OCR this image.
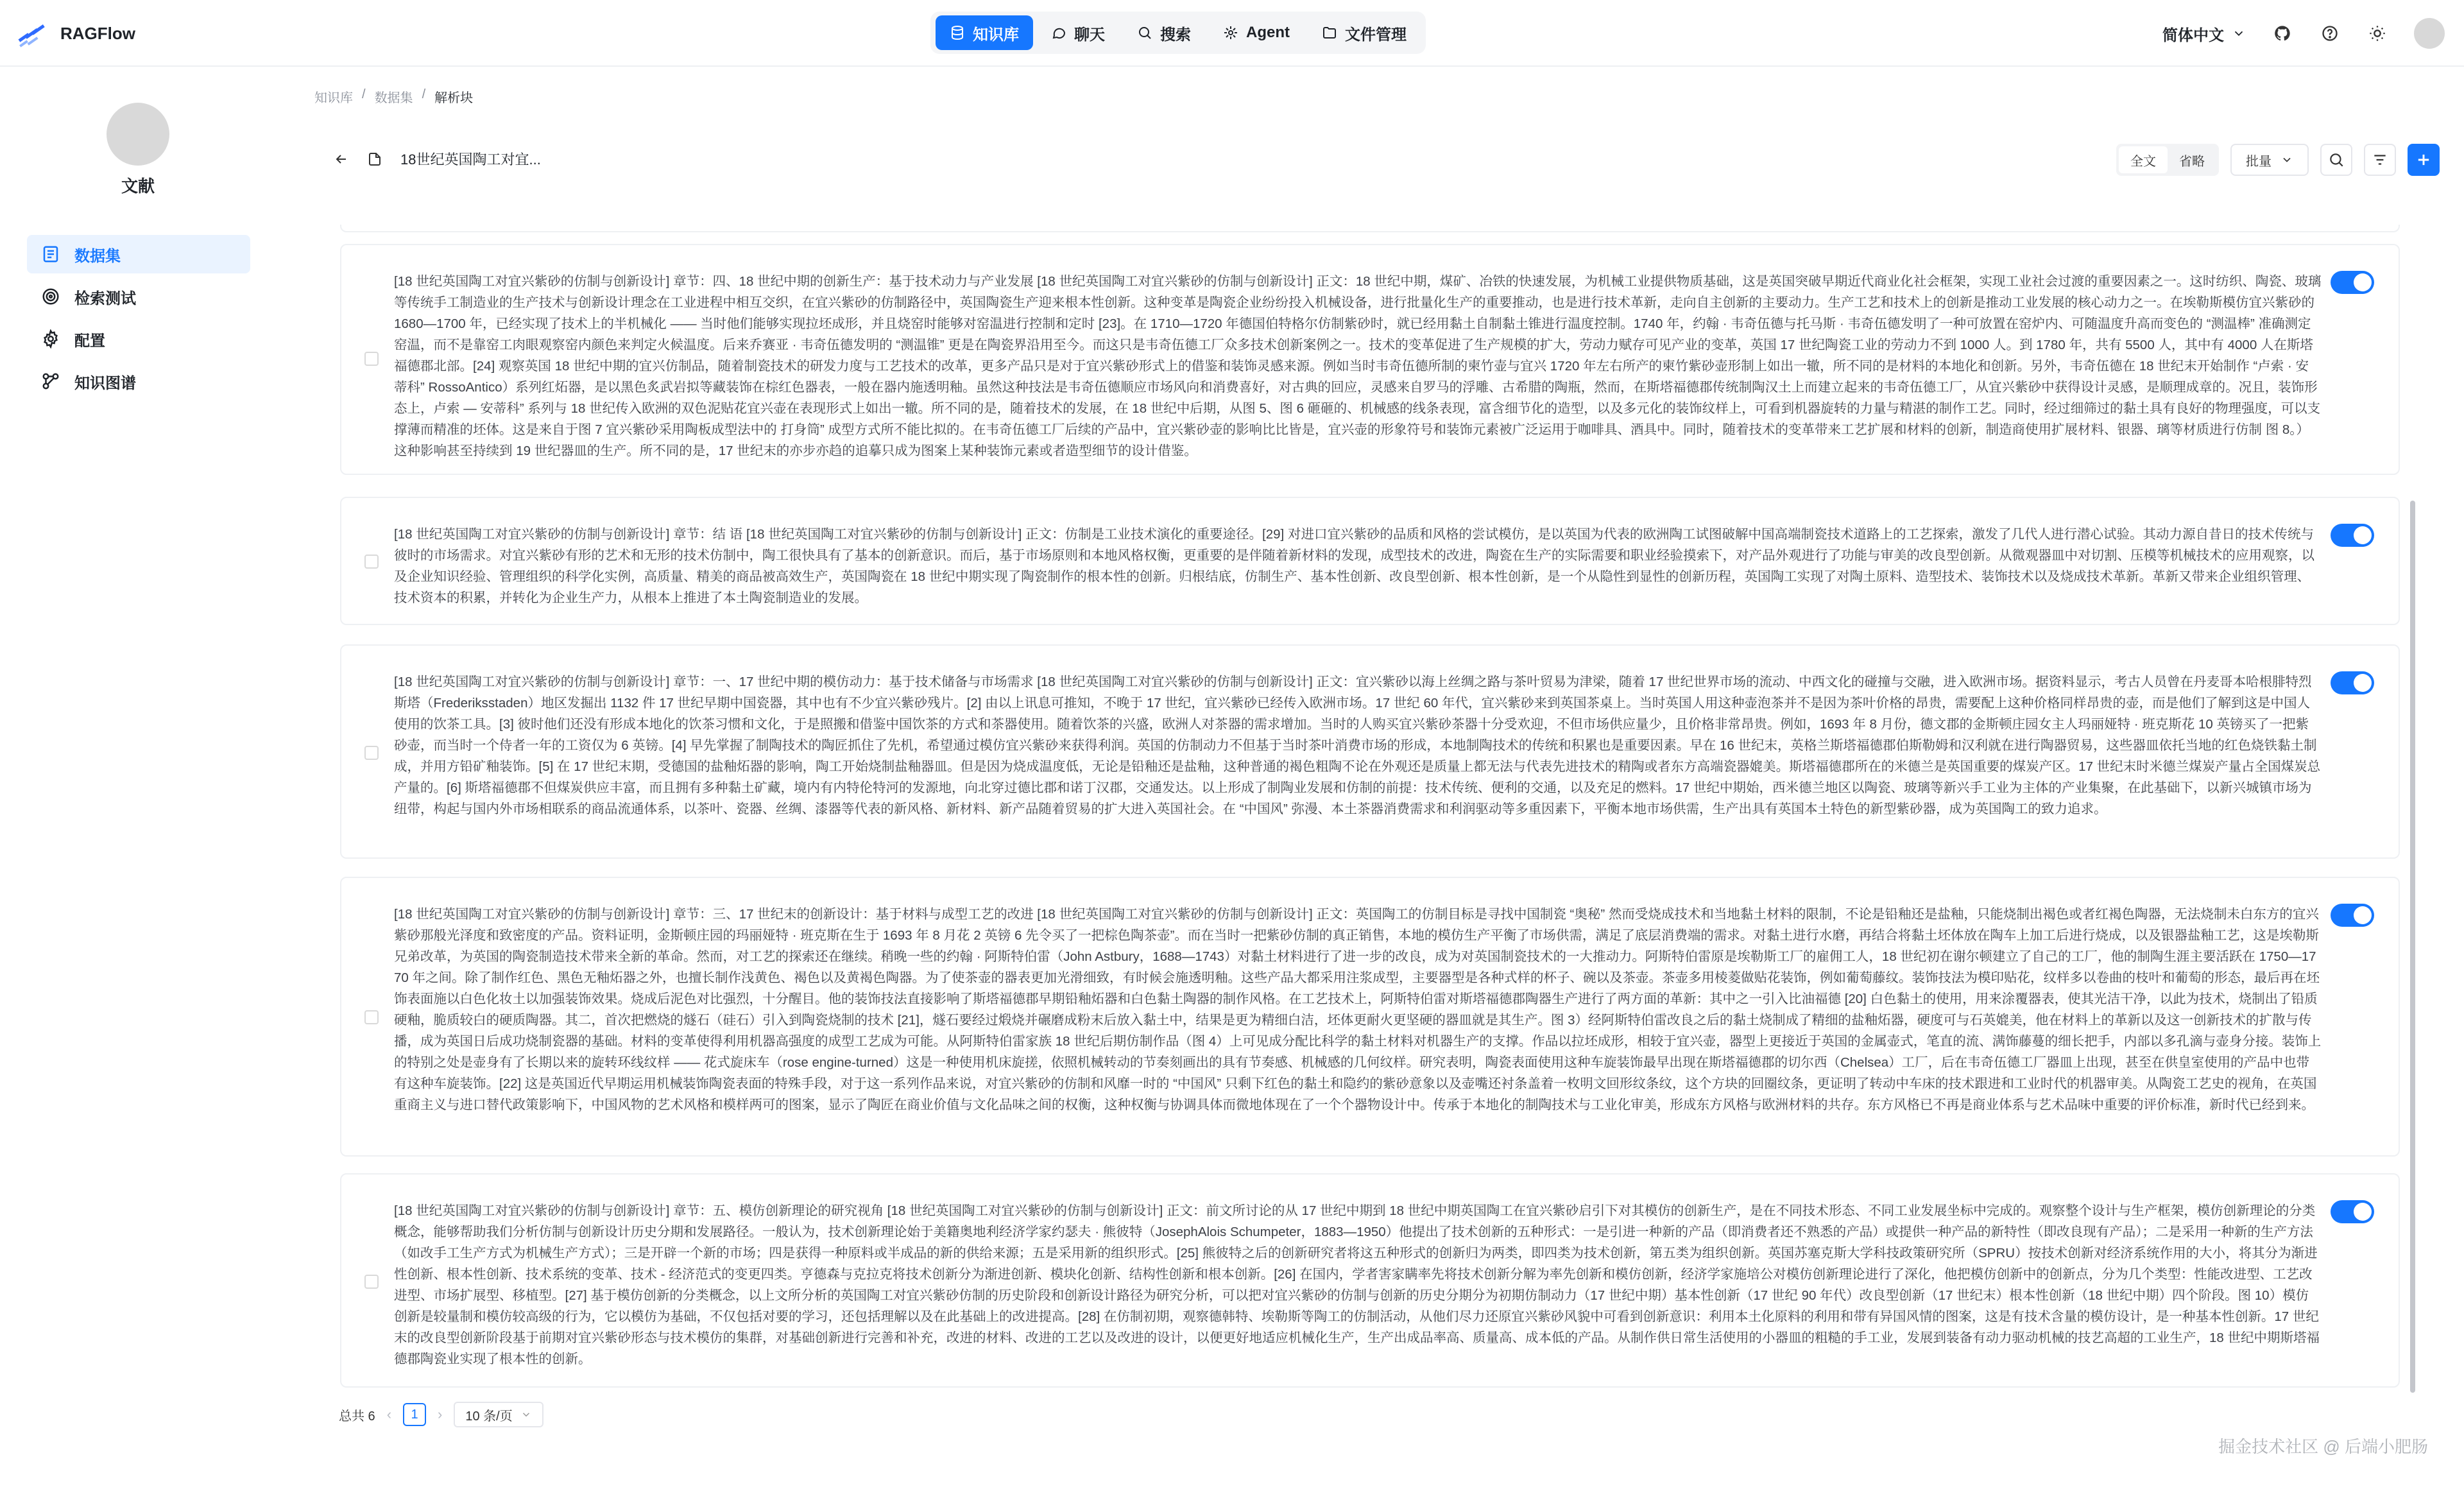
RAGFlow	知识库	聊天	搜索	Agent	文件管理	简体中文
文献
数据集
检索测试
配置
知识图谱
知识库 / 数据集 / 解析块
18世纪英国陶工对宜...	全文	省略	批量
[18 世纪英国陶工对宜兴紫砂的仿制与创新设计] 章节：四、18 世纪中期的创新生产：基于技术动力与产业发展 [18 世纪英国陶工对宜兴紫砂的仿制与创新设计] 正文：18 世纪中期，煤矿、冶铁的快速发展，为机械工业提供物质基础，这是英国突破早期近代商业化社会框架，实现工业社会过渡的重要因素之一。这时纺织、陶瓷、玻璃等传统手工制造业的生产技术与创新设计理念在工业进程中相互交织，在宜兴紫砂的仿制路径中，英国陶瓷生产迎来根本性创新。这种变革是陶瓷企业纷纷投入机械设备，进行批量化生产的重要推动，也是进行技术革新，走向自主创新的主要动力。生产工艺和技术上的创新是推动工业发展的核心动力之一。在埃勒斯模仿宜兴紫砂的 1680—1700 年，已经实现了技术上的半机械化 —— 当时他们能够实现拉坯成形，并且烧窑时能够对窑温进行控制和定时 [23]。在 1710—1720 年德国伯特格尔仿制紫砂时，就已经用黏土自制黏土锥进行温度控制。1740 年，约翰 · 韦奇伍德与托马斯 · 韦奇伍德发明了一种可放置在窑炉内、可随温度升高而变色的 “测温棒” 准确测定窑温，而不是靠窑工肉眼观察窑内颜色来判定火候温度。后来乔赛亚 · 韦奇伍德发明的 “测温锥” 更是在陶瓷界沿用至今。而这只是韦奇伍德工厂众多技术创新案例之一。技术的变革促进了生产规模的扩大，劳动力赋存可见产业的变革，英国 17 世纪陶瓷工业的劳动力不到 1000 人。到 1780 年，共有 5500 人，其中有 4000 人在斯塔福德郡北部。[24] 观察英国 18 世纪中期的宜兴仿制品，随着制瓷技术的研发力度与工艺技术的改革，更多产品只是对于宜兴紫砂形式上的借鉴和装饰灵感来源。例如当时韦奇伍德所制的柬竹壶与宜兴 1720 年左右所产的柬竹紫砂壶形制上如出一辙，所不同的是材料的本地化和创新。另外，韦奇伍德在 18 世纪末开始制作 “卢索 · 安蒂科” RossoAntico）系列红炻器，是以黑色炙武岩拟等藏装饰在棕红色器表，一般在器内施透明釉。虽然这种技法是韦奇伍德顺应市场风向和消费喜好，对古典的回应，灵感来自罗马的浮雕、古希腊的陶瓶，然而，在斯塔福德郡传统制陶汉土上而建立起来的韦奇伍德工厂，从宜兴紫砂中获得设计灵感，是顺理成章的。况且，装饰形态上，卢索 — 安蒂科” 系列与 18 世纪传入欧洲的双色泥贴花宜兴壶在表现形式上如出一辙。所不同的是，随着技术的发展，在 18 世纪中后期，从图 5、图 6 砸砸的、机械感的线条表现，富含细节化的造型，以及多元化的装饰纹样上，可看到机器旋转的力量与精湛的制作工艺。同时，经过细筛过的黏土具有良好的物理强度，可以支撑薄而精准的坯体。这是来自于图 7 宜兴紫砂采用陶板成型法中的 打身筒” 成型方式所不能比拟的。在韦奇伍德工厂后续的产品中，宜兴紫砂壶的影响比比皆是，宜兴壶的形象符号和装饰元素被广泛运用于咖啡具、酒具中。同时，随着技术的变革带来工艺扩展和材料的创新，制造商使用扩展材料、银器、璃等材质进行仿制 图 8。）这种影响甚至持续到 19 世纪器皿的生产。所不同的是，17 世纪末的亦步亦趋的追摹只成为图案上某种装饰元素或者造型细节的设计借鉴。
[18 世纪英国陶工对宜兴紫砂的仿制与创新设计] 章节：结 语 [18 世纪英国陶工对宜兴紫砂的仿制与创新设计] 正文：仿制是工业技术演化的重要途径。[29] 对进口宜兴紫砂的品质和风格的尝试模仿，是以英国为代表的欧洲陶工试图破解中国高端制瓷技术道路上的工艺探索，激发了几代人进行潜心试验。其动力源自昔日的技术传统与彼时的市场需求。对宜兴紫砂有形的艺术和无形的技术仿制中，陶工很快具有了基本的创新意识。而后，基于市场原则和本地风格权衡，更重要的是伴随着新材料的发现，成型技术的改进，陶瓷在生产的实际需要和职业经验摸索下，对产品外观进行了功能与审美的改良型创新。从微观器皿中对切割、压模等机械技术的应用观察，以及企业知识经验、管理组织的科学化实例，高质量、精美的商品被高效生产，英国陶瓷在 18 世纪中期实现了陶瓷制作的根本性的创新。归根结底，仿制生产、基本性创新、改良型创新、根本性创新，是一个从隐性到显性的创新历程，英国陶工实现了对陶土原料、造型技术、装饰技术以及烧成技术革新。革新又带来企业组织管理、技术资本的积累，并转化为企业生产力，从根本上推进了本土陶瓷制造业的发展。
[18 世纪英国陶工对宜兴紫砂的仿制与创新设计] 章节：一、17 世纪中期的模仿动力：基于技术储备与市场需求 [18 世纪英国陶工对宜兴紫砂的仿制与创新设计] 正文：宜兴紫砂以海上丝绸之路与茶叶贸易为津梁，随着 17 世纪世界市场的流动、中西文化的碰撞与交融，进入欧洲市场。据资料显示，考古人员曾在丹麦哥本哈根腓特烈斯塔（Frederiksstaden）地区发掘出 1132 件 17 世纪早期中国瓷器，其中也有不少宜兴紫砂残片。[2] 由以上讯息可推知，不晚于 17 世纪，宜兴紫砂已经传入欧洲市场。17 世纪 60 年代，宜兴紫砂来到英国茶桌上。当时英国人用这种壶泡茶并不是因为茶叶价格的昂贵，需要配上这种价格同样昂贵的壶，而是他们了解到这是中国人使用的饮茶工具。[3] 彼时他们还没有形成本地化的饮茶习惯和文化，于是照搬和借鉴中国饮茶的方式和茶器使用。随着饮茶的兴盛，欧洲人对茶器的需求增加。当时的人购买宜兴紫砂茶器十分受欢迎，不但市场供应量少，且价格非常昂贵。例如，1693 年 8 月份，德文郡的金斯顿庄园女主人玛丽娅特 · 班克斯花 10 英镑买了一把紫砂壶，而当时一个侍者一年的工资仅为 6 英镑。[4] 早先掌握了制陶技术的陶匠抓住了先机，希望通过模仿宜兴紫砂来获得利润。英国的仿制动力不但基于当时茶叶消费市场的形成，本地制陶技术的传统和积累也是重要因素。早在 16 世纪末，英格兰斯塔福德郡伯斯勒姆和汉利就在进行陶器贸易，这些器皿依托当地的红色烧铁黏土制成，并用方铅矿釉装饰。[5] 在 17 世纪末期，受德国的盐釉炻器的影响，陶工开始烧制盐釉器皿。但是因为烧成温度低，无论是铅釉还是盐釉，这种普通的褐色粗陶不论在外观还是质量上都无法与代表先进技术的精陶或者东方高端瓷器媲美。斯塔福德郡所在的米德兰是英国重要的煤炭产区。17 世纪末时米德兰煤炭产量占全国煤炭总产量的。[6] 斯塔福德郡不但煤炭供应丰富，而且拥有多种黏土矿藏，境内有内特伦特河的发源地，向北穿过德比郡和诺丁汉郡，交通发达。以上形成了制陶业发展和仿制的前提：技术传统、便利的交通，以及充足的燃料。17 世纪中期始，西米德兰地区以陶瓷、玻璃等新兴手工业为主体的产业集聚，在此基础下，以新兴城镇市场为纽带，构起与国内外市场相联系的商品流通体系，以茶叶、瓷器、丝绸、漆器等代表的新风格、新材料、新产品随着贸易的扩大进入英国社会。在 “中国风” 弥漫、本土茶器消费需求和利润驱动等多重因素下，平衡本地市场供需，生产出具有英国本土特色的新型紫砂器，成为英国陶工的致力追求。
[18 世纪英国陶工对宜兴紫砂的仿制与创新设计] 章节：三、17 世纪末的创新设计：基于材料与成型工艺的改进 [18 世纪英国陶工对宜兴紫砂的仿制与创新设计] 正文：英国陶工的仿制目标是寻找中国制瓷 “奥秘” 然而受烧成技术和当地黏土材料的限制，不论是铅釉还是盐釉，只能烧制出褐色或者红褐色陶器，无法烧制未白东方的宜兴紫砂那般光泽度和致密度的产品。资料证明，金斯顿庄园的玛丽娅特 · 班克斯在生于 1693 年 8 月花 2 英镑 6 先令买了一把棕色陶茶壶”。而在当时一把紫砂仿制的真正销售，本地的模仿生产平衡了市场供需，满足了底层消费端的需求。对黏土进行水磨，再结合将黏土坯体放在陶车上加工后进行烧成，以及银器盐釉工艺，这是埃勒斯兄弟改革，为英国的陶瓷制造技术带来全新的革命。然而，对工艺的探索还在继续。稍晚一些的约翰 · 阿斯特伯雷（John Astbury，1688—1743）对黏土材料进行了进一步的改良，成为对英国制瓷技术的一大推动力。阿斯特伯雷原是埃勒斯工厂的雇佣工人，18 世纪初在谢尔顿建立了自己的工厂，他的制陶生涯主要活跃在 1750—1770 年之间。除了制作红色、黑色无釉炻器之外，也擅长制作浅黄色、褐色以及黄褐色陶器。为了使茶壶的器表更加光滑细致，有时候会施透明釉。这些产品大都采用注浆成型，主要器型是各种式样的杯子、碗以及茶壶。茶壶多用棱菱做贴花装饰，例如葡萄藤纹。装饰技法为模印贴花，纹样多以卷曲的枝叶和葡萄的形态，最后再在坯饰表面施以白色化妆土以加强装饰效果。烧成后泥色对比强烈，十分醒目。他的装饰技法直接影响了斯塔福德郡早期铅釉炻器和白色黏土陶器的制作风格。在工艺技术上，阿斯特伯雷对斯塔福德郡陶器生产进行了两方面的革新：其中之一引入比油福德 [20] 白色黏土的使用，用来涂覆器表，使其光洁干净，以此为技术，烧制出了铅质硬釉，脆质较白的硬质陶器。其二，首次把燃烧的燧石（硅石）引入到陶瓷烧制的技术 [21]，燧石要经过煅烧并碾磨成粉末后放入黏土中，结果是更为精细白洁，坯体更耐火更坚硬的器皿就是其生产。图 3）经阿斯特伯雷改良之后的黏土烧制成了精细的盐釉炻器，硬度可与石英媲美，他在材料上的革新以及这一创新技术的扩散与传播，成为英国日后成功烧制瓷器的基础。材料的变革使得利用机器高强度的成型工艺成为可能。从阿斯特伯雷家族 18 世纪后期仿制作品（图 4）上可见成分配比科学的黏土材料对机器生产的支撑。作品以拉坯成形，相较于宜兴壶，器型上更接近于英国的金属壶式，笔直的流、满饰藤蔓的细长把手，内部以多孔滴与壶身分接。装饰上的特别之处是壶身有了长期以来的旋转环线纹样 —— 花式旋床车（rose engine-turned）这是一种使用机床旋搓，依照机械转动的节奏刻画出的具有节奏感、机械感的几何纹样。研究表明，陶瓷表面使用这种车旋装饰最早出现在斯塔福德郡的切尔西（Chelsea）工厂，后在韦奇伍德工厂器皿上出现，甚至在供皇室使用的产品中也带有这种车旋装饰。[22] 这是英国近代早期运用机械装饰陶瓷表面的特殊手段，对于这一系列作品来说，对宜兴紫砂的仿制和风靡一时的 “中国风” 只剩下红色的黏土和隐约的紫砂意象以及壶嘴还衬条盖着一枚明文回形纹条纹，这个方块的回圈纹条，更证明了转动中车床的技术跟进和工业时代的机器审美。从陶瓷工艺史的视角，在英国重商主义与进口替代政策影响下，中国风物的艺术风格和模样两可的图案，显示了陶匠在商业价值与文化品味之间的权衡，这种权衡与协调具体而微地体现在了一个个器物设计中。传承于本地化的制陶技术与工业化审美，形成东方风格与欧洲材料的共存。东方风格已不再是商业体系与艺术品味中重要的评价标准，新时代已经到来。
[18 世纪英国陶工对宜兴紫砂的仿制与创新设计] 章节：五、模仿创新理论的研究视角 [18 世纪英国陶工对宜兴紫砂的仿制与创新设计] 正文：前文所讨论的从 17 世纪中期到 18 世纪中期英国陶工在宜兴紫砂启引下对其模仿的创新生产，是在不同技术形态、不同工业发展坐标中完成的。观察整个设计与生产框架，模仿创新理论的分类概念，能够帮助我们分析仿制与创新设计历史分期和发展路径。一般认为，技术创新理论始于美籍奥地利经济学家约瑟夫 · 熊彼特（JosephAlois Schumpeter，1883—1950）他提出了技术创新的五种形式：一是引进一种新的产品（即消费者还不熟悉的产品）或提供一种产品的新特性（即改良现有产品）；二是采用一种新的生产方法（如改手工生产方式为机械生产方式）；三是开辟一个新的市场；四是获得一种原料或半成品的新的供给来源；五是采用新的组织形式。[25] 熊彼特之后的创新研究者将这五种形式的创新归为两类，即四类为技术创新，第五类为组织创新。英国苏塞克斯大学科技政策研究所（SPRU）按技术创新对经济系统作用的大小，将其分为渐进性创新、根本性创新、技术系统的变革、技术 - 经济范式的变更四类。亨德森与克拉克将技术创新分为渐进创新、模块化创新、结构性创新和根本创新。[26] 在国内，学者害家瞒率先将技术创新分解为率先创新和模仿创新，经济学家施培公对模仿创新理论进行了深化，他把模仿创新中的创新点，分为几个类型：性能改进型、工艺改进型、市场扩展型、移植型。[27] 基于模仿创新的分类概念，以上文所分析的英国陶工对宜兴紫砂仿制的历史阶段和创新设计路径为研究分析，可以把对宜兴紫砂的仿制与创新的历史分期分为初期仿制动力（17 世纪中期）基本性创新（17 世纪 90 年代）改良型创新（17 世纪末）根本性创新（18 世纪中期）四个阶段。图 10）模仿创新是较量制和模仿较高级的行为，它以模仿为基础，不仅包括对要的学习，还包括理解以及在此基础上的改进提高。[28] 在仿制初期，观察德韩特、埃勒斯等陶工的仿制活动，从他们尽力还原宜兴紫砂风貌中可看到创新意识：利用本土化原料的利用和带有异国风情的图案，这是有技术含量的模仿设计，是一种基本性创新。17 世纪末的改良型创新阶段基于前期对宜兴紫砂形态与技术模仿的集群，对基础创新进行完善和补充，改进的材料、改进的工艺以及改进的设计，以便更好地适应机械化生产，生产出成品率高、质量高、成本低的产品。从制作供日常生活使用的小器皿的粗糙的手工业，发展到装备有动力驱动机械的技艺高超的工业生产，18 世纪中期斯塔福德郡陶瓷业实现了根本性的创新。
总共 6 ‹	1	› 10 条/页
掘金技术社区 @ 后端小肥肠
